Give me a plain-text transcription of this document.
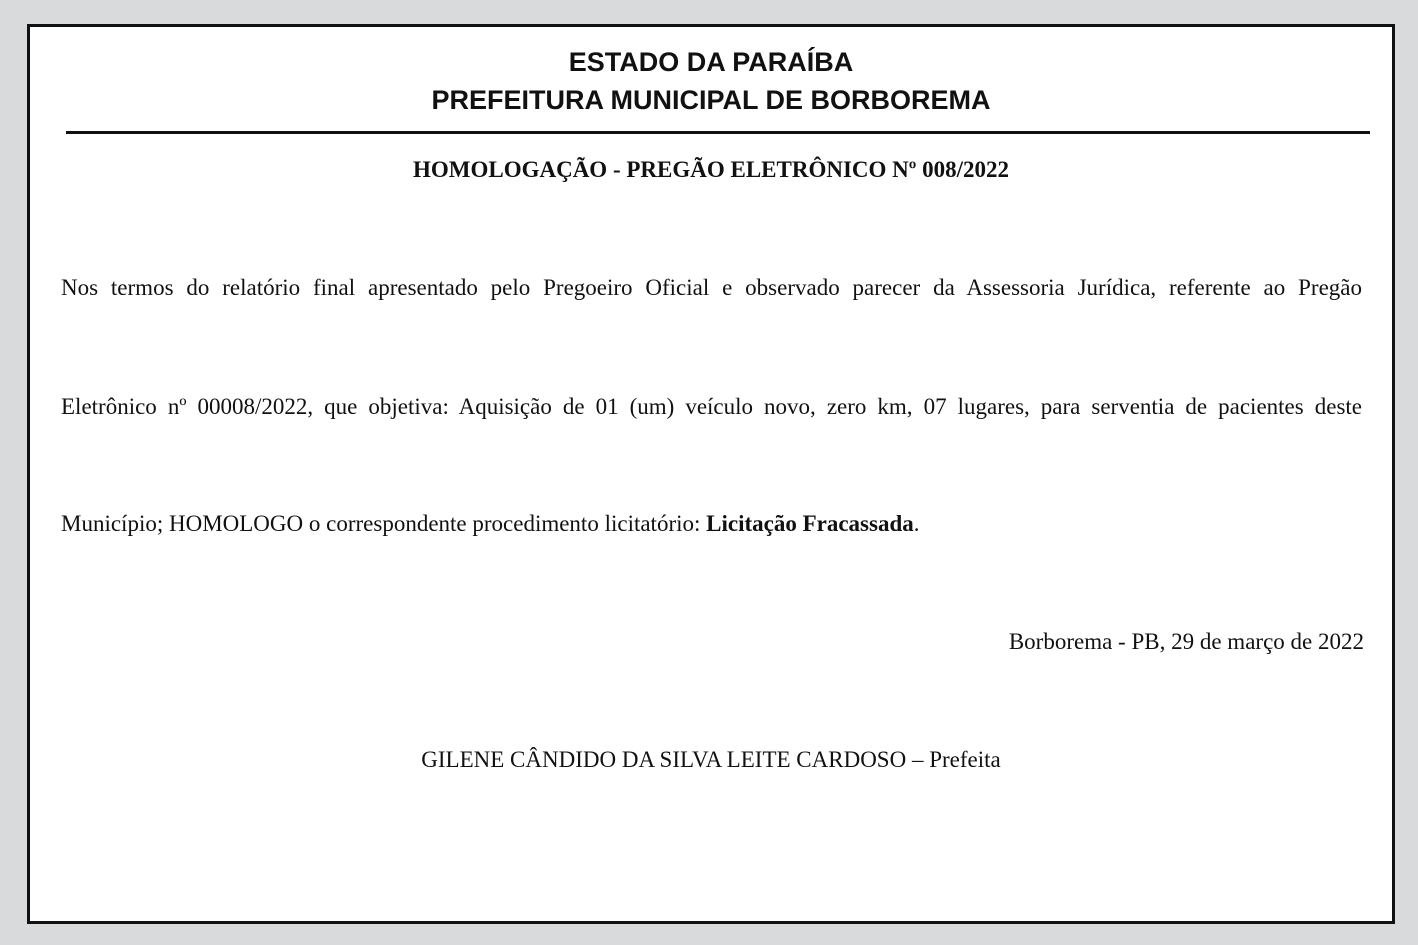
ESTADO DA PARAÍBA
PREFEITURA MUNICIPAL DE BORBOREMA
HOMOLOGAÇÃO - PREGÃO ELETRÔNICO Nº 008/2022
Nos termos do relatório final apresentado pelo Pregoeiro Oficial e observado parecer da Assessoria Jurídica, referente ao Pregão
Eletrônico nº 00008/2022, que objetiva: Aquisição de 01 (um) veículo novo, zero km, 07 lugares, para serventia de pacientes deste
Município; HOMOLOGO o correspondente procedimento licitatório: Licitação Fracassada.
Borborema - PB, 29 de março de 2022
GILENE CÂNDIDO DA SILVA LEITE CARDOSO – Prefeita
